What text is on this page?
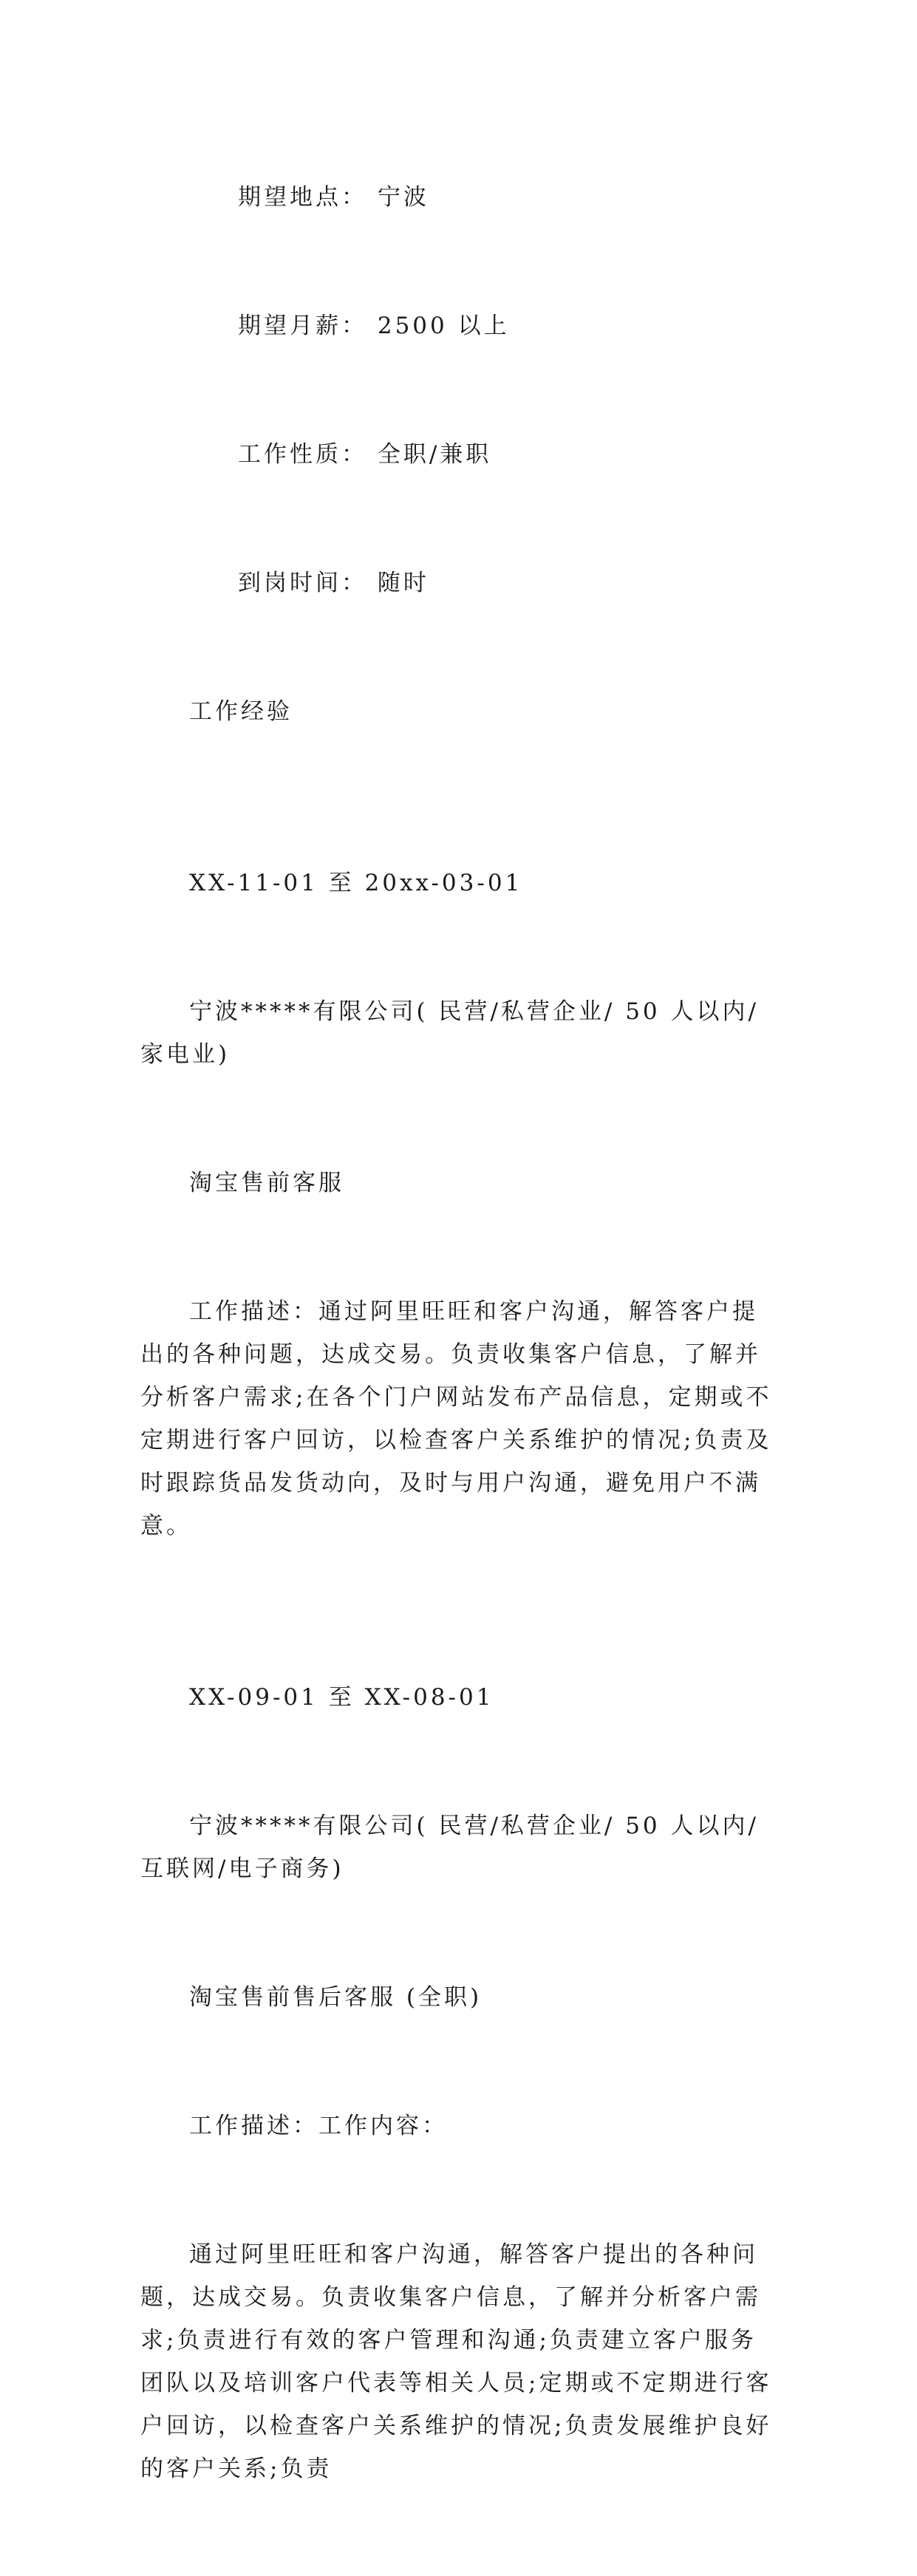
期望地点： 宁波

期望月薪： 2500 以上

工作性质： 全职/兼职

到岗时间： 随时

工作经验

XX-11-01 至 20xx-03-01

宁波*****有限公司( 民营/私营企业/ 50 人以内/家电业)

淘宝售前客服

工作描述：通过阿里旺旺和客户沟通，解答客户提出的各种问题，达成交易。负责收集客户信息，了解并分析客户需求;在各个门户网站发布产品信息，定期或不定期进行客户回访，以检查客户关系维护的情况;负责及时跟踪货品发货动向，及时与用户沟通，避免用户不满意。

XX-09-01 至 XX-08-01

宁波*****有限公司( 民营/私营企业/ 50 人以内/互联网/电子商务)

淘宝售前售后客服 (全职)

工作描述：工作内容：

通过阿里旺旺和客户沟通，解答客户提出的各种问题，达成交易。负责收集客户信息，了解并分析客户需求;负责进行有效的客户管理和沟通;负责建立客户服务团队以及培训客户代表等相关人员;定期或不定期进行客户回访，以检查客户关系维护的情况;负责发展维护良好的客户关系;负责
